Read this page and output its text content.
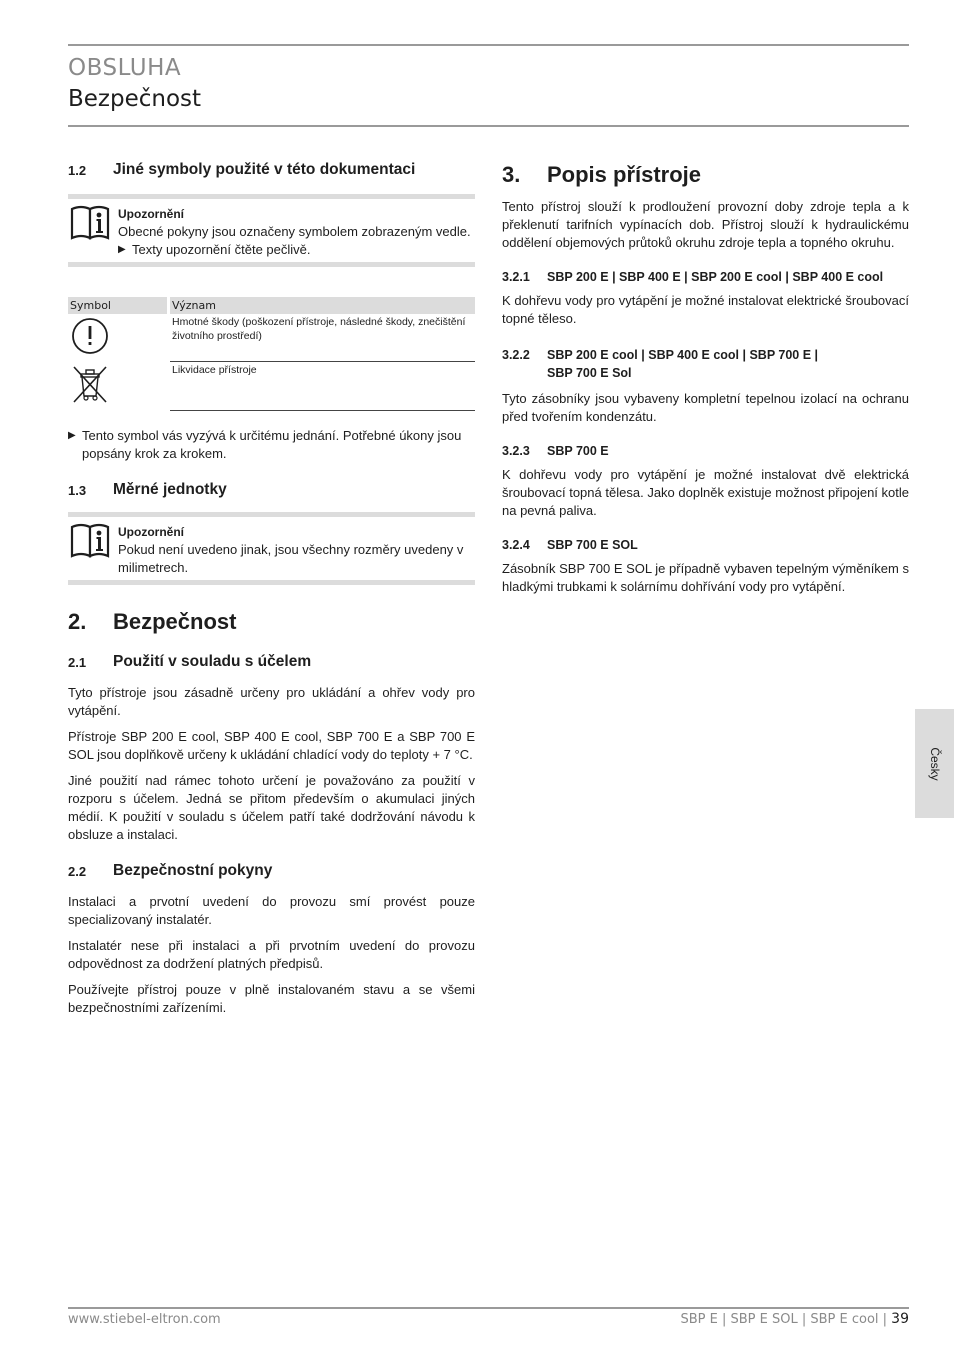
OBSLUHA
Bezpečnost
1.2	Jiné symboly použité v této dokumentaci
Upozornění
Obecné pokyny jsou označeny symbolem zobrazeným vedle.
▶ Texty upozornění čtěte pečlivě.
Symbol	Význam
	Hmotné škody (poškození přístroje, následné škody, znečištění životního prostředí)
	Likvidace přístroje
▶ Tento symbol vás vyzývá k určitému jednání. Potřebné úkony jsou popsány krok za krokem.
1.3	Měrné jednotky
Upozornění
Pokud není uvedeno jinak, jsou všechny rozměry uvedeny v milimetrech.
2.	Bezpečnost
2.1	Použití v souladu s účelem

Tyto přístroje jsou zásadně určeny pro ukládání a ohřev vody pro vytápění.

Přístroje SBP 200 E cool, SBP 400 E cool, SBP 700 E a SBP 700 E SOL jsou doplňkově určeny k ukládání chladící vody do teploty + 7 °C.

Jiné použití nad rámec tohoto určení je považováno za použití v rozporu s účelem. Jedná se přitom především o akumulaci jiných médií. K použití v souladu s účelem patří také dodržování návodu k obsluze a instalaci.

2.2	Bezpečnostní pokyny

Instalaci a prvotní uvedení do provozu smí provést pouze specializovaný instalatér.

Instalatér nese při instalaci a při prvotním uvedení do provozu odpovědnost za dodržení platných předpisů.

Používejte přístroj pouze v plně instalovaném stavu a se všemi bezpečnostními zařízeními.

3.	Popis přístroje

Tento přístroj slouží k prodloužení provozní doby zdroje tepla a k překlenutí tarifních vypínacích dob. Přístroj slouží k hydraulickému oddělení objemových průtoků okruhu zdroje tepla a topného okruhu.

3.2.1	SBP 200 E | SBP 400 E | SBP 200 E cool | SBP 400 E cool

K dohřevu vody pro vytápění je možné instalovat elektrické šroubovací topné těleso.

3.2.2	SBP 200 E cool | SBP 400 E cool | SBP 700 E | SBP 700 E Sol

Tyto zásobníky jsou vybaveny kompletní tepelnou izolací na ochranu před tvořením kondenzátu.

3.2.3	SBP 700 E

K dohřevu vody pro vytápění je možné instalovat dvě elektrická šroubovací topná tělesa. Jako doplněk existuje možnost připojení kotle na pevná paliva.

3.2.4	SBP 700 E SOL

Zásobník SBP 700 E SOL je případně vybaven tepelným výměníkem s hladkými trubkami k solárnímu dohřívání vody pro vytápění.

Česky
www.stiebel-eltron.com	SBP E | SBP E SOL | SBP E cool | 39
